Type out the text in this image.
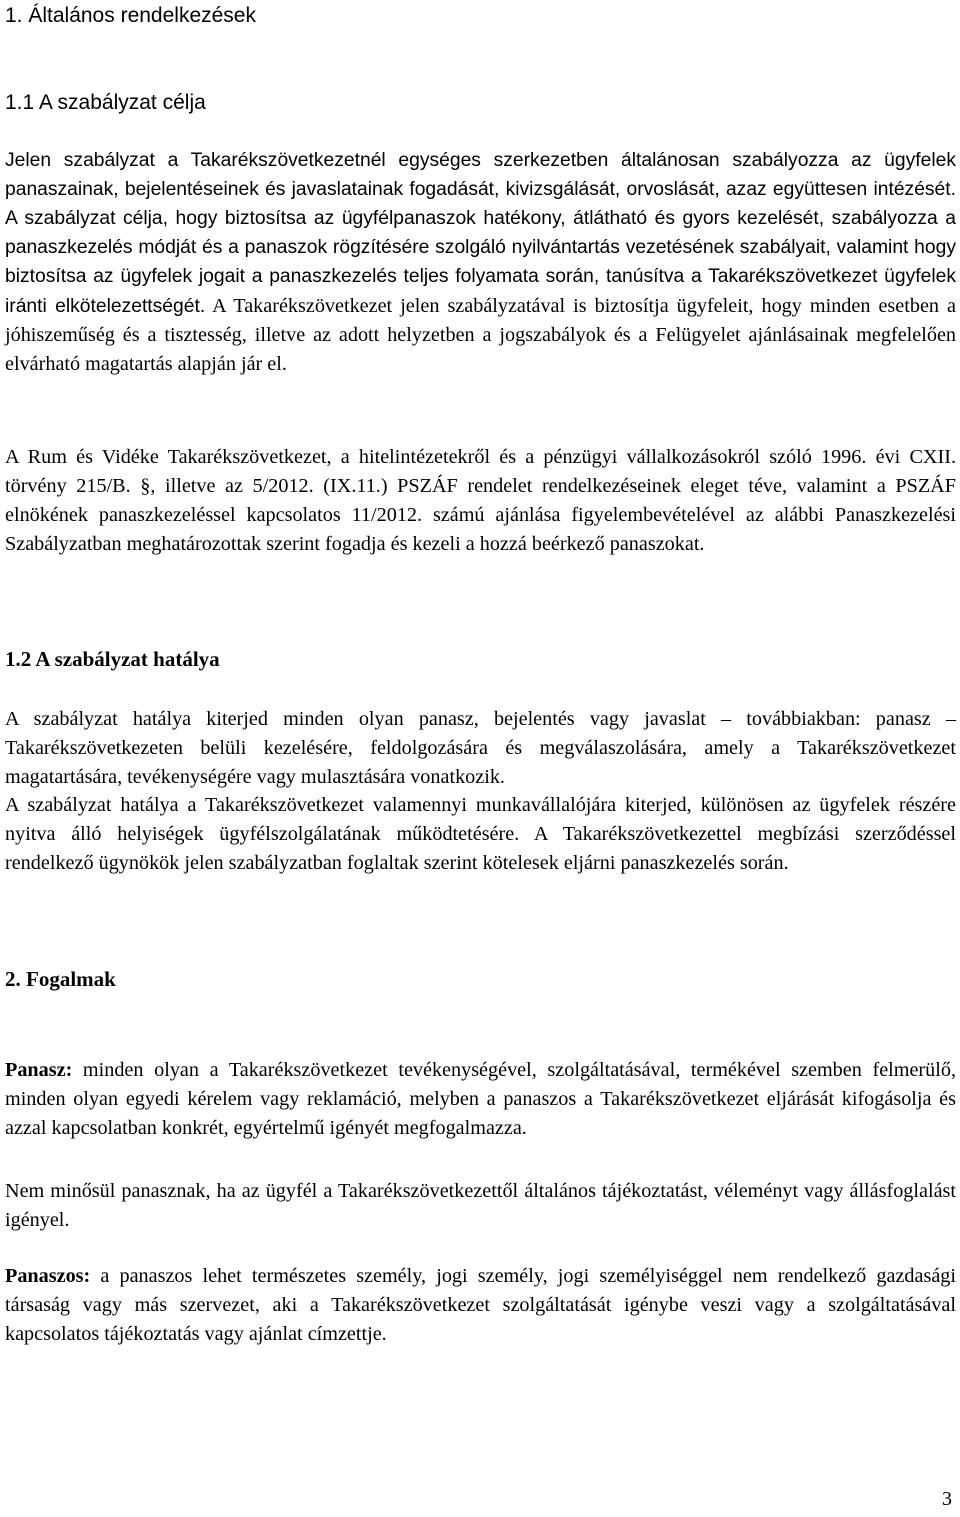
1. Általános rendelkezések
1.1 A szabályzat célja

Jelen szabályzat a Takarékszövetkezetnél egységes szerkezetben általánosan szabályozza az ügyfelek panaszainak, bejelentéseinek és javaslatainak fogadását, kivizsgálását, orvoslását, azaz együttesen intézését. A szabályzat célja, hogy biztosítsa az ügyfélpanaszok hatékony, átlátható és gyors kezelését, szabályozza a panaszkezelés módját és a panaszok rögzítésére szolgáló nyilvántartás vezetésének szabályait, valamint hogy biztosítsa az ügyfelek jogait a panaszkezelés teljes folyamata során, tanúsítva a Takarékszövetkezet ügyfelek iránti elkötelezettségét. A Takarékszövetkezet jelen szabályzatával is biztosítja ügyfeleit, hogy minden esetben a jóhiszeműség és a tisztesség, illetve az adott helyzetben a jogszabályok és a Felügyelet ajánlásainak megfelelően elvárható magatartás alapján jár el.

A Rum és Vidéke Takarékszövetkezet, a hitelintézetekről és a pénzügyi vállalkozásokról szóló 1996. évi CXII. törvény 215/B. §, illetve az 5/2012. (IX.11.) PSZÁF rendelet rendelkezéseinek eleget téve, valamint a PSZÁF elnökének panaszkezeléssel kapcsolatos 11/2012. számú ajánlása figyelembevételével az alábbi Panaszkezelési Szabályzatban meghatározottak szerint fogadja és kezeli a hozzá beérkező panaszokat.

1.2 A szabályzat hatálya

A szabályzat hatálya kiterjed minden olyan panasz, bejelentés vagy javaslat – továbbiakban: panasz – Takarékszövetkezeten belüli kezelésére, feldolgozására és megválaszolására, amely a Takarékszövetkezet magatartására, tevékenységére vagy mulasztására vonatkozik.

A szabályzat hatálya a Takarékszövetkezet valamennyi munkavállalójára kiterjed, különösen az ügyfelek részére nyitva álló helyiségek ügyfélszolgálatának működtetésére. A Takarékszövetkezettel megbízási szerződéssel rendelkező ügynökök jelen szabályzatban foglaltak szerint kötelesek eljárni panaszkezelés során.

2. Fogalmak

Panasz: minden olyan a Takarékszövetkezet tevékenységével, szolgáltatásával, termékével szemben felmerülő, minden olyan egyedi kérelem vagy reklamáció, melyben a panaszos a Takarékszövetkezet eljárását kifogásolja és azzal kapcsolatban konkrét, egyértelmű igényét megfogalmazza.

Nem minősül panasznak, ha az ügyfél a Takarékszövetkezettől általános tájékoztatást, véleményt vagy állásfoglalást igényel.

Panaszos: a panaszos lehet természetes személy, jogi személy, jogi személyiséggel nem rendelkező gazdasági társaság vagy más szervezet, aki a Takarékszövetkezet szolgáltatását igénybe veszi vagy a szolgáltatásával kapcsolatos tájékoztatás vagy ajánlat címzettje.

3
